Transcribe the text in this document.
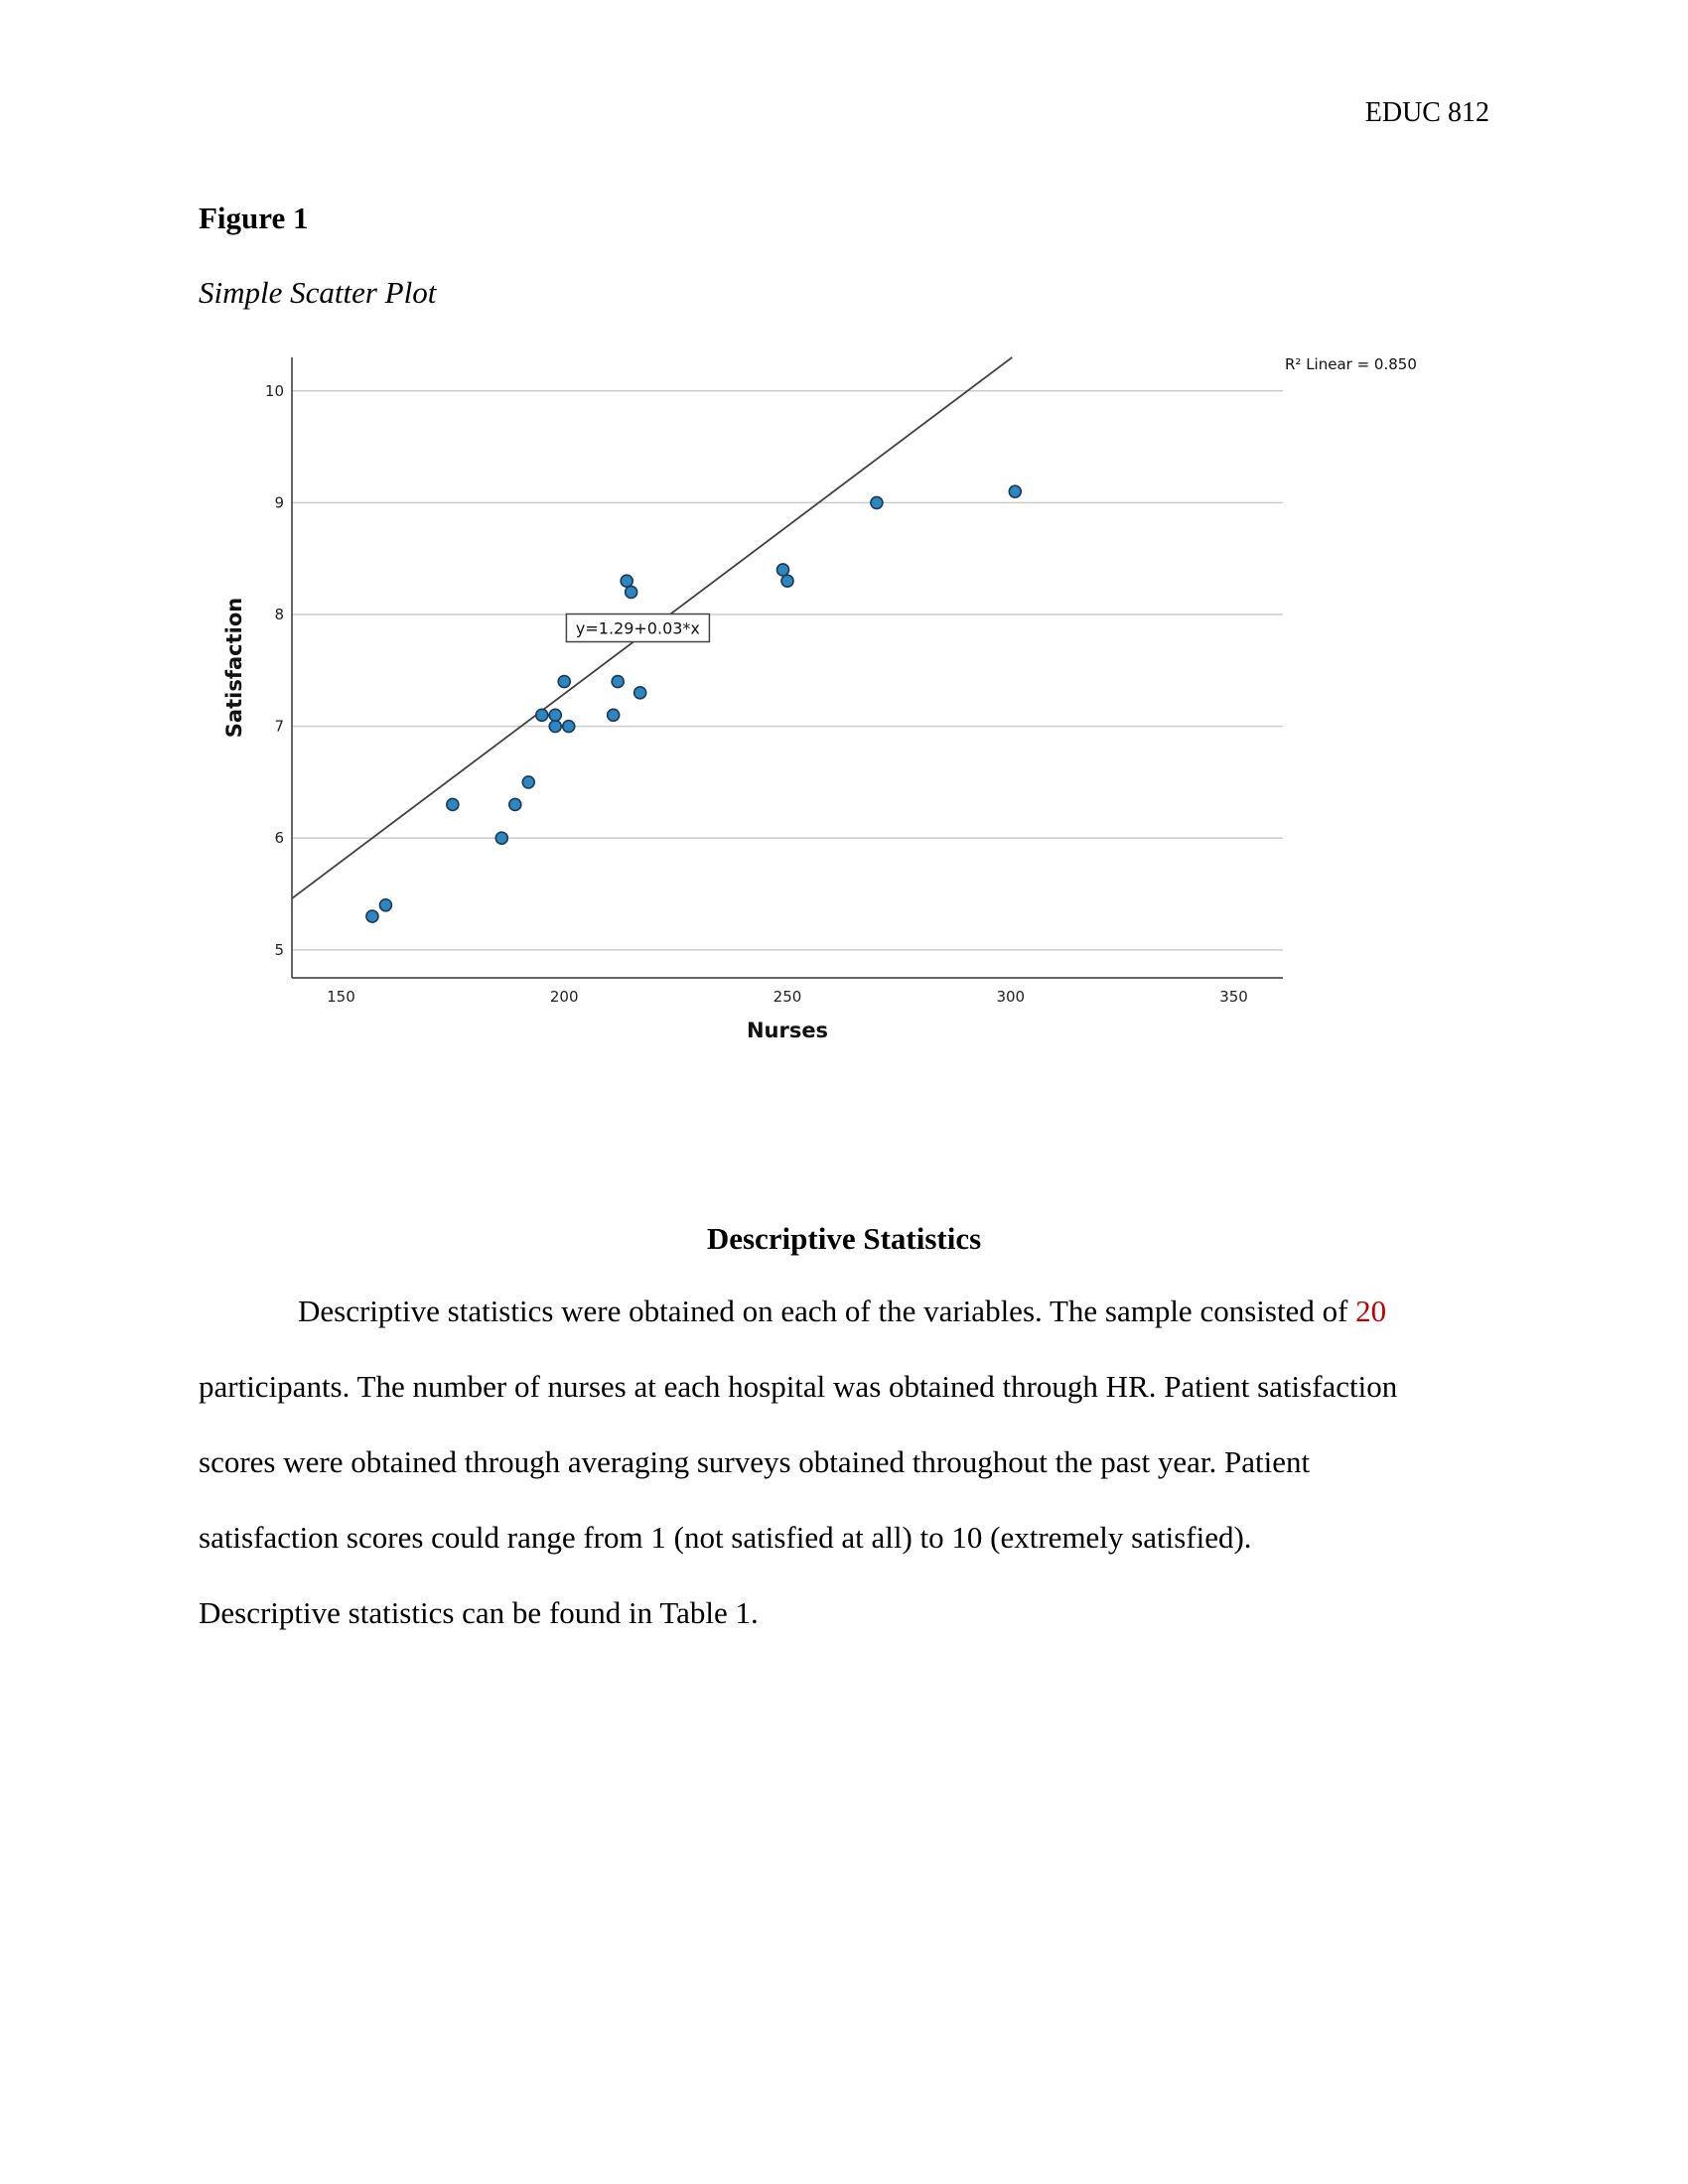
EDUC 812
Figure 1
Simple Scatter Plot
5
6
7
8
9
10
150	200	250	300	350
Nurses
Satisfaction	y=1.29+0.03*x
R² Linear = 0.850
Descriptive Statistics
Descriptive statistics were obtained on each of the variables. The sample consisted of 20
participants. The number of nurses at each hospital was obtained through HR. Patient satisfaction
scores were obtained through averaging surveys obtained throughout the past year. Patient
satisfaction scores could range from 1 (not satisfied at all) to 10 (extremely satisfied).
Descriptive statistics can be found in Table 1.
